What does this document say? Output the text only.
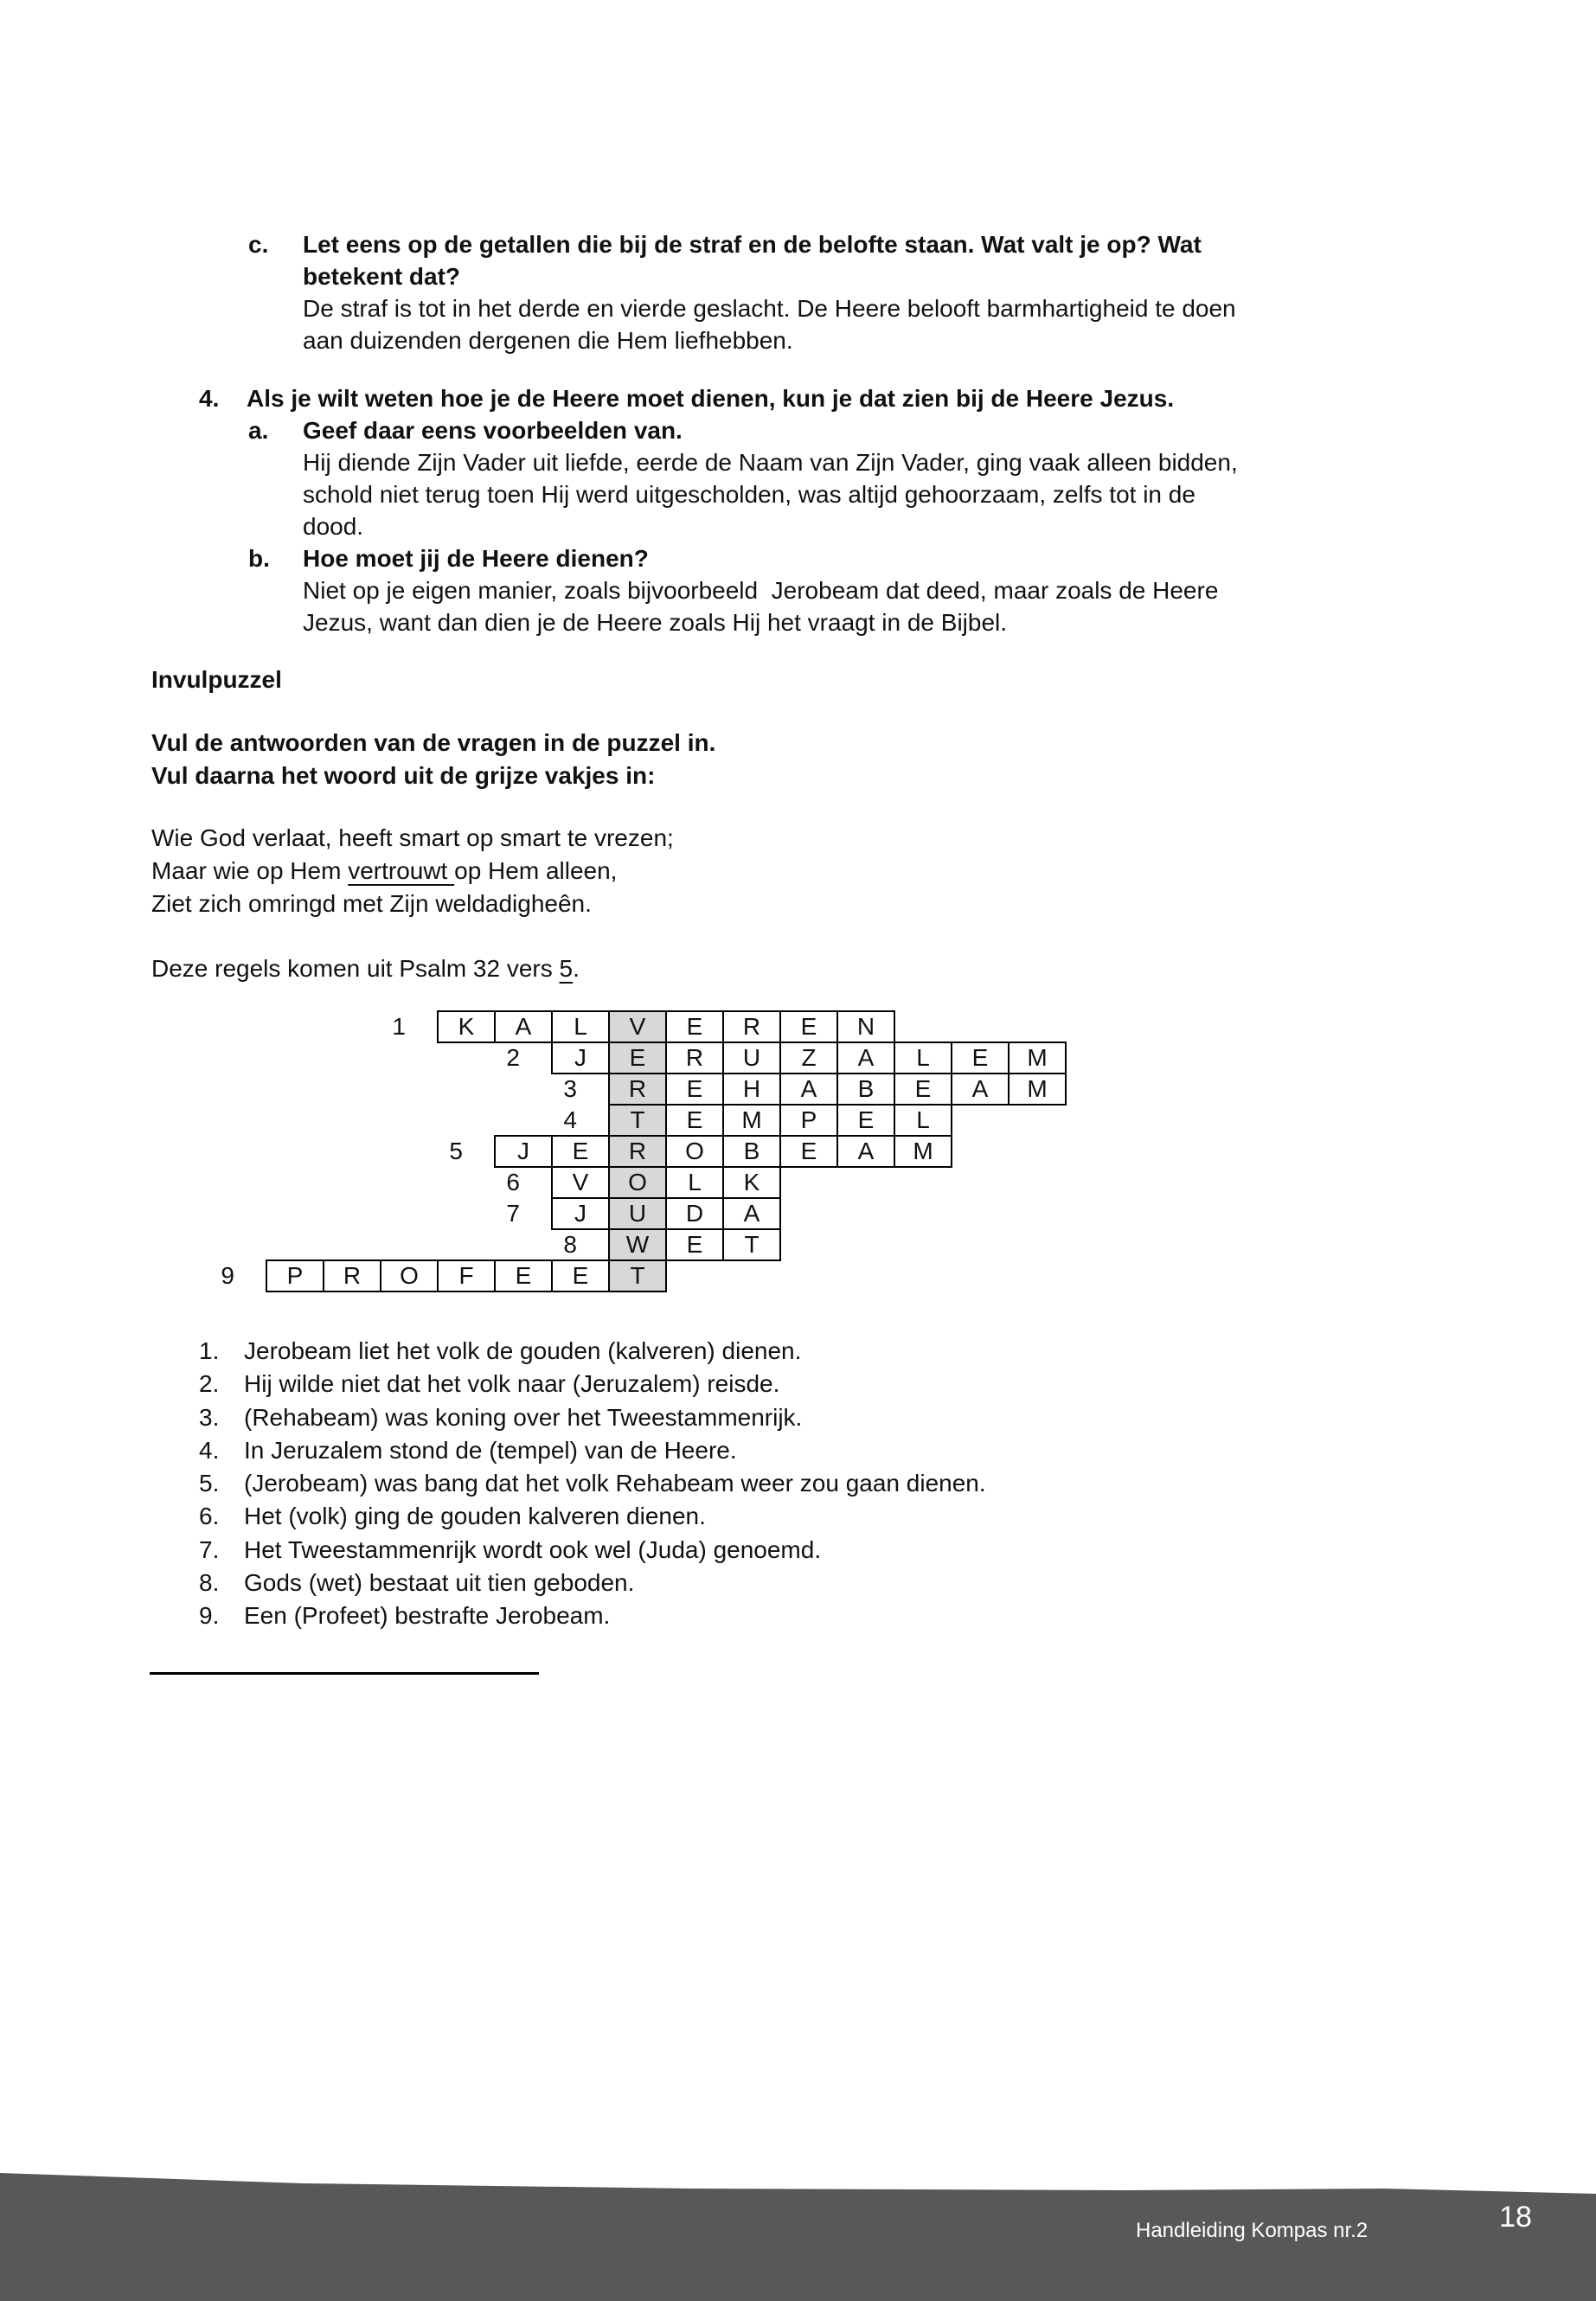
c. Let eens op de getallen die bij de straf en de belofte staan. Wat valt je op? Wat
betekent dat?
De straf is tot in het derde en vierde geslacht. De Heere belooft barmhartigheid te doen
aan duizenden dergenen die Hem liefhebben.
4. Als je wilt weten hoe je de Heere moet dienen, kun je dat zien bij de Heere Jezus.
a. Geef daar eens voorbeelden van.
Hij diende Zijn Vader uit liefde, eerde de Naam van Zijn Vader, ging vaak alleen bidden,
schold niet terug toen Hij werd uitgescholden, was altijd gehoorzaam, zelfs tot in de
dood.
b. Hoe moet jij de Heere dienen?
Niet op je eigen manier, zoals bijvoorbeeld  Jerobeam dat deed, maar zoals de Heere
Jezus, want dan dien je de Heere zoals Hij het vraagt in de Bijbel.
Invulpuzzel
Vul de antwoorden van de vragen in de puzzel in.
Vul daarna het woord uit de grijze vakjes in:
Wie God verlaat, heeft smart op smart te vrezen;
Maar wie op Hem vertrouwt op Hem alleen,
Ziet zich omringd met Zijn weldadigheên.
Deze regels komen uit Psalm 32 vers 5.
1	K	A	L	V	E	R	E	N
2	J	E	R	U	Z	A	L	E	M
3	R	E	H	A	B	E	A	M
4	T	E	M	P	E	L
5	J	E	R	O	B	E	A	M
6	V	O	L	K
7	J	U	D	A
8	W	E	T
9	P	R	O	F	E	E	T
1. Jerobeam liet het volk de gouden (kalveren) dienen.
2. Hij wilde niet dat het volk naar (Jeruzalem) reisde.
3. (Rehabeam) was koning over het Tweestammenrijk.
4. In Jeruzalem stond de (tempel) van de Heere.
5. (Jerobeam) was bang dat het volk Rehabeam weer zou gaan dienen.
6. Het (volk) ging de gouden kalveren dienen.
7. Het Tweestammenrijk wordt ook wel (Juda) genoemd.
8. Gods (wet) bestaat uit tien geboden.
9. Een (Profeet) bestrafte Jerobeam.
Handleiding Kompas nr.2	18
